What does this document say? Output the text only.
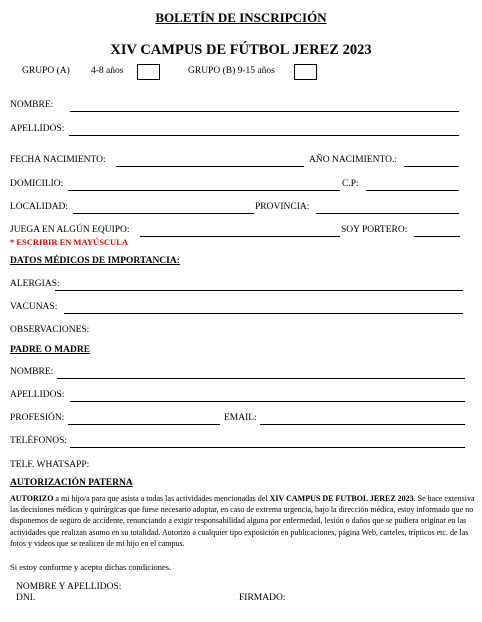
BOLETÍN DE INSCRIPCIÓN
XIV CAMPUS DE FÚTBOL JEREZ 2023
GRUPO (A) 4-8 años	GRUPO (B) 9-15 años
NOMBRE:
APELLIDOS:
FECHA NACIMIENTO:	AÑO NACIMIENTO.:
DOMICILIO:	C.P:
LOCALIDAD:	PROVINCIA:
JUEGA EN ALGÚN EQUIPO:	SOY PORTERO:
* ESCRIBIR EN MAYÚSCULA
DATOS MÉDICOS DE IMPORTANCIA:
ALERGIAS:
VACUNAS:
OBSERVACIONES:
PADRE O MADRE
NOMBRE:
APELLIDOS:
PROFESIÓN:	EMAIL:
TELÉFONOS:
TELF. WHATSAPP:
AUTORIZACIÓN PATERNA
AUTORIZO a mi hijo/a para que asista a todas las actividades mencionadas del XIV CAMPUS DE FUTBOL JEREZ 2023. Se hace extensiva las decisiones médicas y quirúrgicas que fuese necesario adoptar, en caso de extrema urgencia, bajo la dirección médica, estoy informado que no disponemos de seguro de accidente, renunciando a exigir responsabilidad alguna por enfermedad, lesión o daños que se pudiera originar en las actividades que realizan asumo en su totalidad. Autorizo a cualquier tipo exposición en publicaciones, página Web, carteles, trípticos etc. de las fotos y videos que se realicen de mi hijo en el campus.
Si estoy conforme y acepto dichas condiciones.
NOMBRE Y APELLIDOS:
DNI.	FIRMADO:
